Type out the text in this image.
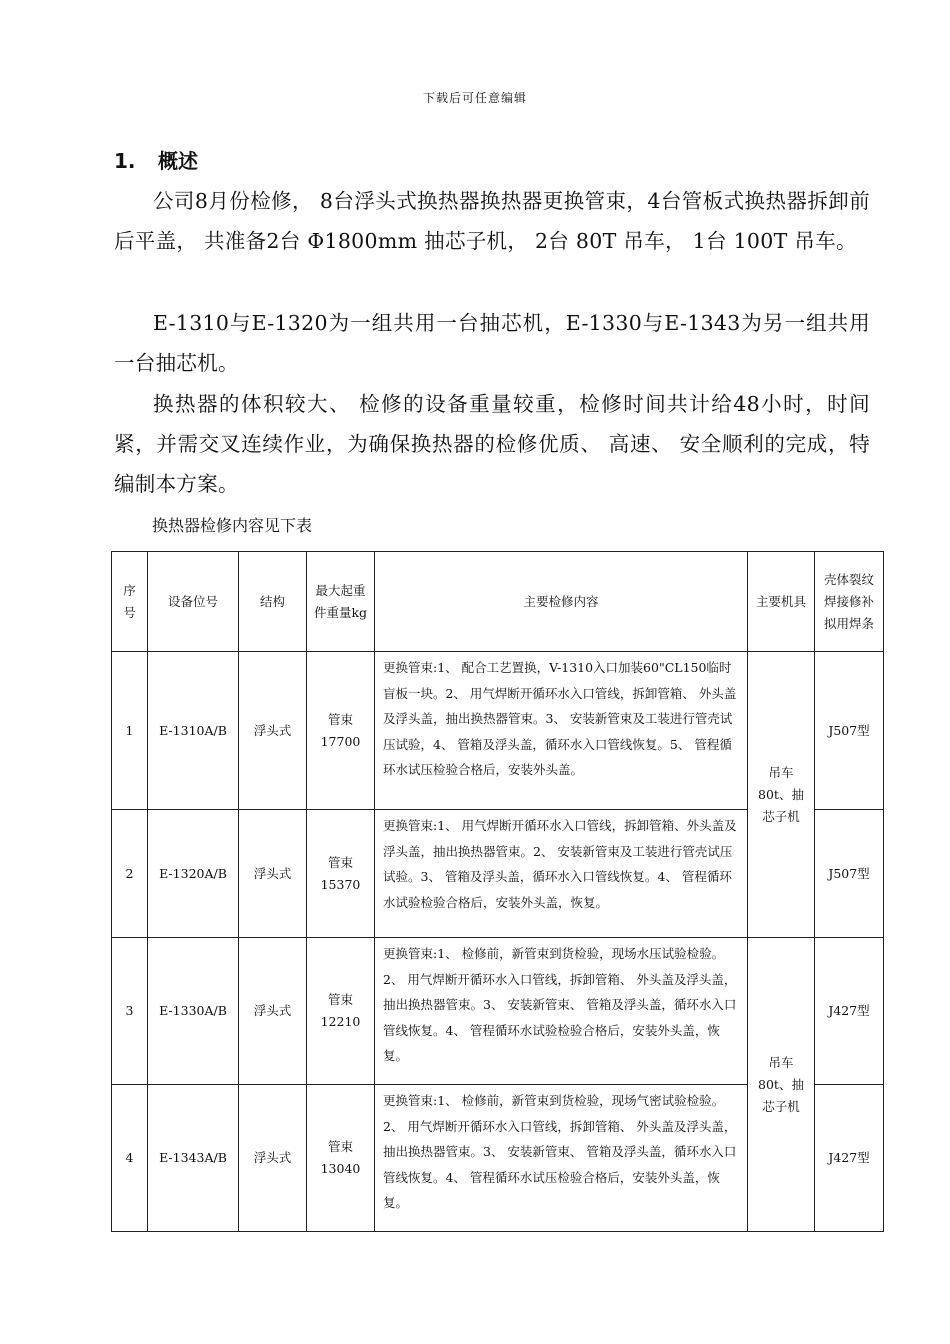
下载后可任意编辑
1. 概述
公司8月份检修， 8台浮头式换热器换热器更换管束，4台管板式换热器拆卸前后平盖， 共准备2台 Φ1800mm 抽芯子机， 2台 80T 吊车， 1台 100T 吊车。
E-1310与E-1320为一组共用一台抽芯机，E-1330与E-1343为另一组共用一台抽芯机。
换热器的体积较大、 检修的设备重量较重，检修时间共计给48小时，时间紧，并需交叉连续作业，为确保换热器的检修优质、 高速、 安全顺利的完成，特编制本方案。
换热器检修内容见下表
序号	设备位号	结构	最大起重件重量kg	主要检修内容	主要机具	壳体裂纹焊接修补拟用焊条
1	E-1310A/B	浮头式	管束17700	更换管束:1、 配合工艺置换，V-1310入口加装60"CL150临时盲板一块。2、 用气焊断开循环水入口管线，拆卸管箱、 外头盖及浮头盖，抽出换热器管束。3、 安装新管束及工装进行管壳试压试验，4、 管箱及浮头盖，循环水入口管线恢复。5、 管程循环水试压检验合格后，安装外头盖。	吊车80t、抽芯子机	J507型
2	E-1320A/B	浮头式	管束15370	更换管束:1、 用气焊断开循环水入口管线，拆卸管箱、外头盖及浮头盖，抽出换热器管束。2、 安装新管束及工装进行管壳试压试验。3、 管箱及浮头盖，循环水入口管线恢复。4、 管程循环水试验检验合格后，安装外头盖，恢复。		J507型
3	E-1330A/B	浮头式	管束12210	更换管束:1、 检修前，新管束到货检验，现场水压试验检验。2、 用气焊断开循环水入口管线，拆卸管箱、 外头盖及浮头盖，抽出换热器管束。3、 安装新管束、 管箱及浮头盖，循环水入口管线恢复。4、 管程循环水试验检验合格后，安装外头盖，恢复。	吊车80t、抽芯子机	J427型
4	E-1343A/B	浮头式	管束13040	更换管束:1、 检修前，新管束到货检验，现场气密试验检验。2、 用气焊断开循环水入口管线，拆卸管箱、 外头盖及浮头盖，抽出换热器管束。3、 安装新管束、 管箱及浮头盖，循环水入口管线恢复。4、 管程循环水试压检验合格后，安装外头盖，恢复。		J427型
